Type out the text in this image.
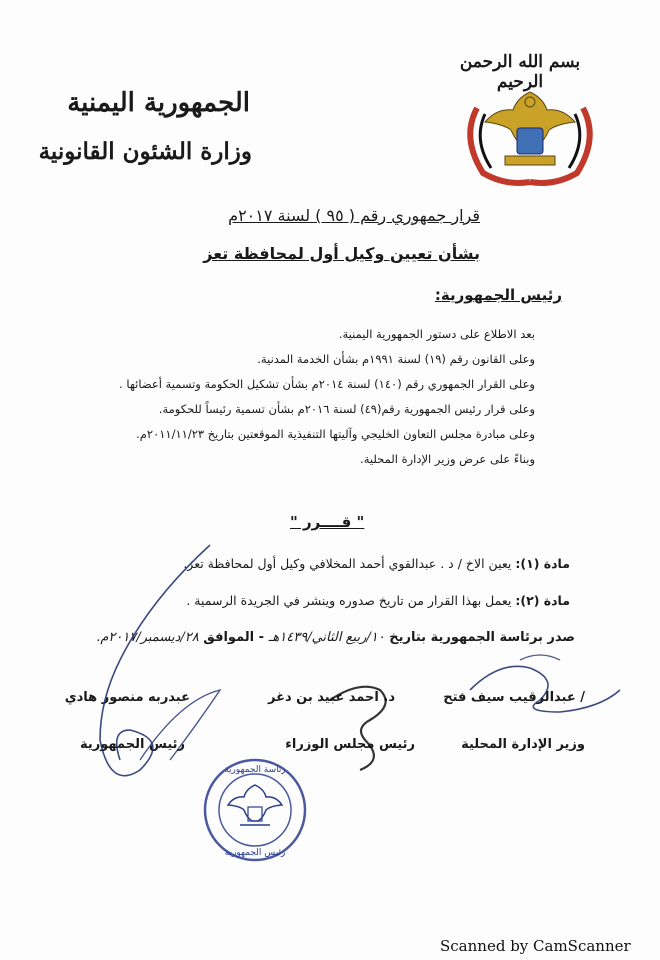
بسم الله الرحمن الرحيم
الجمهورية اليمنية
وزارة الشئون القانونية
قرار جمهوري رقم ( ٩٥ ) لسنة ٢٠١٧م
بشأن تعيين وكيل أول لمحافظة تعز
رئيس الجمهورية:
بعد الاطلاع على دستور الجمهورية اليمنية.
وعلى القانون رقم (١٩) لسنة ١٩٩١م بشأن الخدمة المدنية.
وعلى القرار الجمهوري رقم (١٤٠) لسنة ٢٠١٤م بشأن تشكيل الحكومة وتسمية أعضائها .
وعلى قرار رئيس الجمهورية رقم(٤٩) لسنة ٢٠١٦م بشأن تسمية رئيساً للحكومة.
وعلى مبادرة مجلس التعاون الخليجي وآليتها التنفيذية الموقعتين بتاريخ ٢٠١١/١١/٢٣م.
وبناءً على عرض وزير الإدارة المحلية.
" قــــرر "
مادة (١): يعين الاخ / د . عبدالقوي أحمد المخلافي وكيل أول لمحافظة تعز.
مادة (٢): يعمل بهذا القرار من تاريخ صدوره وينشر في الجريدة الرسمية .
صدر برئاسة الجمهورية بتاريخ ١٠/ربيع الثاني/١٤٣٩هـ - الموافق ٢٨/ديسمبر/٢٠١٧م.
/ عبدالرقيب سيف فتح
وزير الإدارة المحلية
د. احمد عبيد بن دغر
رئيس مجلس الوزراء
عبدربه منصور هادي
رئيس الجمهورية
رئاسة الجمهورية
رئيس الجمهورية
Scanned by CamScanner
